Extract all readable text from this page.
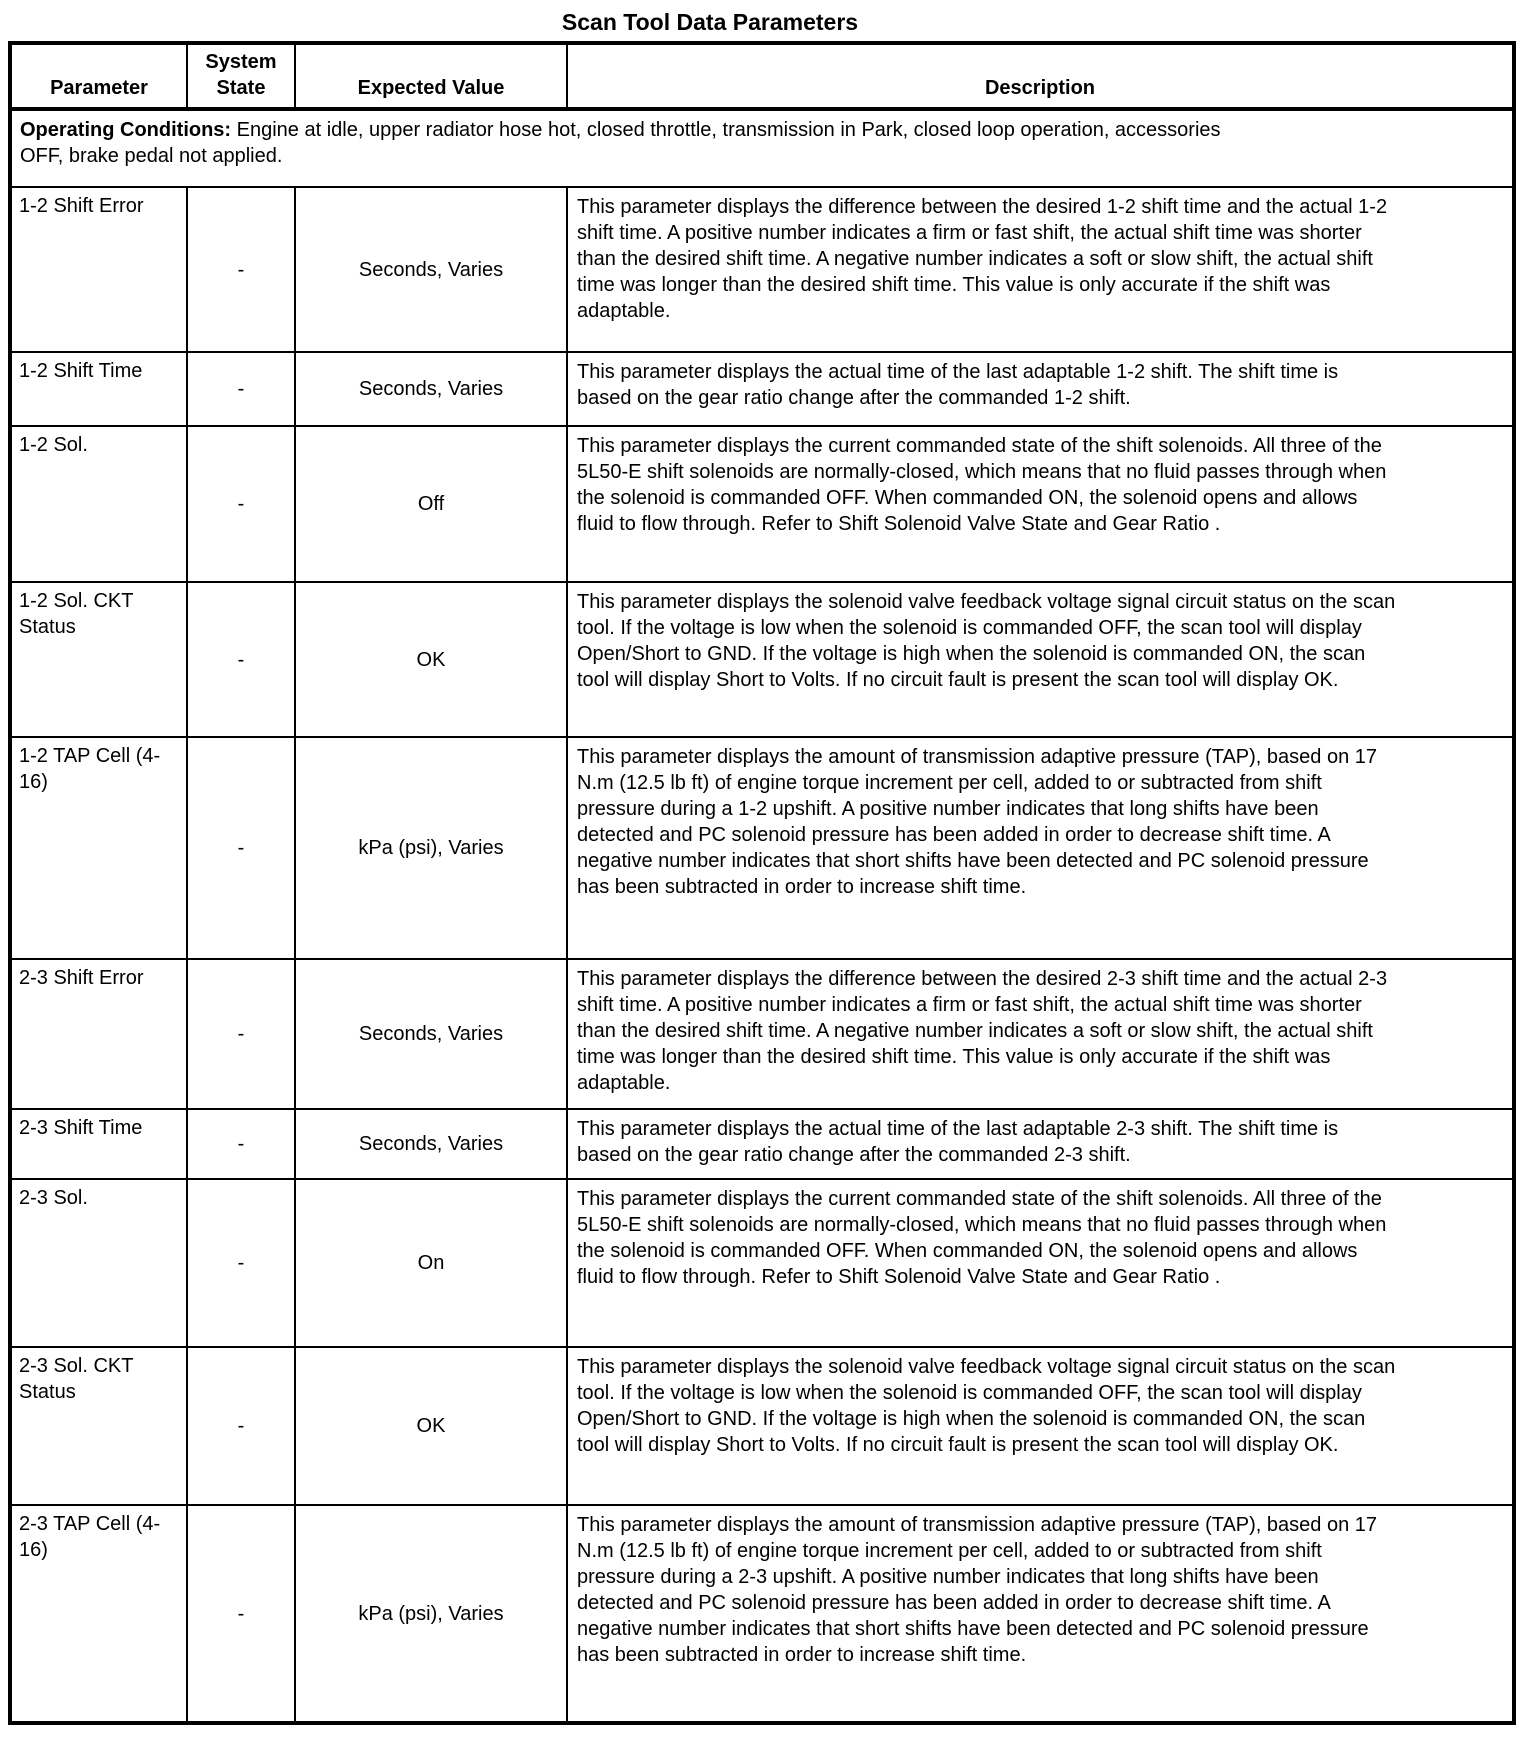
Scan Tool Data Parameters
Parameter	System State	Expected Value	Description
Operating Conditions: Engine at idle, upper radiator hose hot, closed throttle, transmission in Park, closed loop operation, accessories OFF, brake pedal not applied.			
1-2 Shift Error	-	Seconds, Varies	This parameter displays the difference between the desired 1-2 shift time and the actual 1-2 shift time. A positive number indicates a firm or fast shift, the actual shift time was shorter than the desired shift time. A negative number indicates a soft or slow shift, the actual shift time was longer than the desired shift time. This value is only accurate if the shift was adaptable.
1-2 Shift Time	-	Seconds, Varies	This parameter displays the actual time of the last adaptable 1-2 shift. The shift time is based on the gear ratio change after the commanded 1-2 shift.
1-2 Sol.	-	Off	This parameter displays the current commanded state of the shift solenoids. All three of the 5L50-E shift solenoids are normally-closed, which means that no fluid passes through when the solenoid is commanded OFF. When commanded ON, the solenoid opens and allows fluid to flow through. Refer to Shift Solenoid Valve State and Gear Ratio .
1-2 Sol. CKT Status	-	OK	This parameter displays the solenoid valve feedback voltage signal circuit status on the scan tool. If the voltage is low when the solenoid is commanded OFF, the scan tool will display Open/Short to GND. If the voltage is high when the solenoid is commanded ON, the scan tool will display Short to Volts. If no circuit fault is present the scan tool will display OK.
1-2 TAP Cell (4-16)	-	kPa (psi), Varies	This parameter displays the amount of transmission adaptive pressure (TAP), based on 17 N.m (12.5 lb ft) of engine torque increment per cell, added to or subtracted from shift pressure during a 1-2 upshift. A positive number indicates that long shifts have been detected and PC solenoid pressure has been added in order to decrease shift time. A negative number indicates that short shifts have been detected and PC solenoid pressure has been subtracted in order to increase shift time.
2-3 Shift Error	-	Seconds, Varies	This parameter displays the difference between the desired 2-3 shift time and the actual 2-3 shift time. A positive number indicates a firm or fast shift, the actual shift time was shorter than the desired shift time. A negative number indicates a soft or slow shift, the actual shift time was longer than the desired shift time. This value is only accurate if the shift was adaptable.
2-3 Shift Time	-	Seconds, Varies	This parameter displays the actual time of the last adaptable 2-3 shift. The shift time is based on the gear ratio change after the commanded 2-3 shift.
2-3 Sol.	-	On	This parameter displays the current commanded state of the shift solenoids. All three of the 5L50-E shift solenoids are normally-closed, which means that no fluid passes through when the solenoid is commanded OFF. When commanded ON, the solenoid opens and allows fluid to flow through. Refer to Shift Solenoid Valve State and Gear Ratio .
2-3 Sol. CKT Status	-	OK	This parameter displays the solenoid valve feedback voltage signal circuit status on the scan tool. If the voltage is low when the solenoid is commanded OFF, the scan tool will display Open/Short to GND. If the voltage is high when the solenoid is commanded ON, the scan tool will display Short to Volts. If no circuit fault is present the scan tool will display OK.
2-3 TAP Cell (4-16)	-	kPa (psi), Varies	This parameter displays the amount of transmission adaptive pressure (TAP), based on 17 N.m (12.5 lb ft) of engine torque increment per cell, added to or subtracted from shift pressure during a 2-3 upshift. A positive number indicates that long shifts have been detected and PC solenoid pressure has been added in order to decrease shift time. A negative number indicates that short shifts have been detected and PC solenoid pressure has been subtracted in order to increase shift time.
